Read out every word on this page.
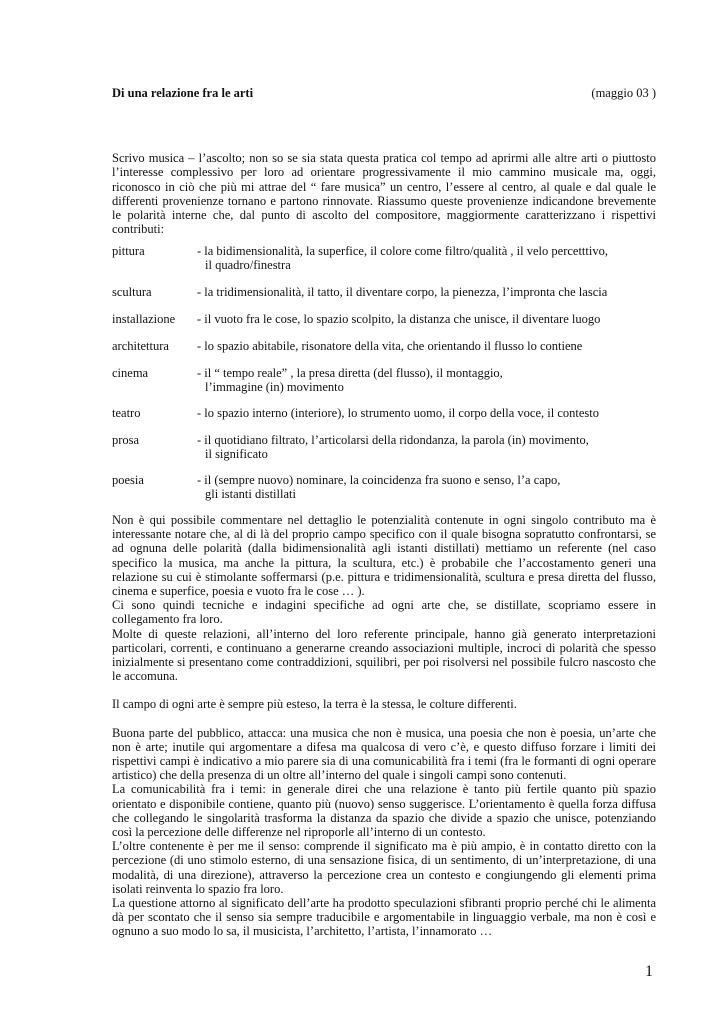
Di una relazione fra le arti	(maggio 03 )

Scrivo musica – l’ascolto; non so se sia stata questa pratica col tempo ad aprirmi alle altre arti o piuttosto l’interesse complessivo per loro ad orientare progressivamente il mio cammino musicale ma, oggi, riconosco in ciò che più mi attrae del “ fare musica” un centro, l’essere al centro, al quale e dal quale le differenti provenienze tornano e partono rinnovate. Riassumo queste provenienze indicandone brevemente le polarità interne che, dal punto di ascolto del compositore, maggiormente caratterizzano i rispettivi contributi:

pittura	- la bidimensionalità, la superfice, il colore come filtro/qualità , il velo percetttivo,
il quadro/finestra
scultura	- la tridimensionalità, il tatto, il diventare corpo, la pienezza, l’impronta che lascia
installazione - il vuoto fra le cose, lo spazio scolpito, la distanza che unisce, il diventare luogo
architettura - lo spazio abitabile, risonatore della vita, che orientando il flusso lo contiene
cinema	- il “ tempo reale” , la presa diretta (del flusso), il montaggio,
l’immagine (in) movimento
teatro	- lo spazio interno (interiore), lo strumento uomo, il corpo della voce, il contesto
prosa	- il quotidiano filtrato, l’articolarsi della ridondanza, la parola (in) movimento,
il significato
poesia	- il (sempre nuovo) nominare, la coincidenza fra suono e senso, l’a capo,
gli istanti distillati

Non è qui possibile commentare nel dettaglio le potenzialità contenute in ogni singolo contributo ma è interessante notare che, al di là del proprio campo specifico con il quale bisogna sopratutto confrontarsi, se ad ognuna delle polarità (dalla bidimensionalità agli istanti distillati) mettiamo un referente (nel caso specifico la musica, ma anche la pittura, la scultura, etc.) è probabile che l’accostamento generi una relazione su cui è stimolante soffermarsi (p.e. pittura e tridimensionalità, scultura e presa diretta del flusso, cinema e superfice, poesia e vuoto fra le cose … ).

Ci sono quindi tecniche e indagini specifiche ad ogni arte che, se distillate, scopriamo essere in collegamento fra loro.

Molte di queste relazioni, all’interno del loro referente principale, hanno già generato interpretazioni particolari, correnti, e continuano a generarne creando associazioni multiple, incroci di polarità che spesso inizialmente si presentano come contraddizioni, squilibri, per poi risolversi nel possibile fulcro nascosto che le accomuna.

Il campo di ogni arte è sempre più esteso, la terra è la stessa, le colture differenti.

Buona parte del pubblico, attacca: una musica che non è musica, una poesia che non è poesia, un’arte che non è arte; inutile qui argomentare a difesa ma qualcosa di vero c’è, e questo diffuso forzare i limiti dei rispettivi campi è indicativo a mio parere sia di una comunicabilità fra i temi (fra le formanti di ogni operare artistico) che della presenza di un oltre all’interno del quale i singoli campi sono contenuti.

La comunicabilità fra i temi: in generale direi che una relazione è tanto più fertile quanto più spazio orientato e disponibile contiene, quanto più (nuovo) senso suggerisce. L’orientamento è quella forza diffusa che collegando le singolarità trasforma la distanza da spazio che divide a spazio che unisce, potenziando così la percezione delle differenze nel riproporle all’interno di un contesto.

L’oltre contenente è per me il senso: comprende il significato ma è più ampio, è in contatto diretto con la percezione (di uno stimolo esterno, di una sensazione fisica, di un sentimento, di un’interpretazione, di una modalità, di una direzione), attraverso la percezione crea un contesto e congiungendo gli elementi prima isolati reinventa lo spazio fra loro.

La questione attorno al significato dell’arte ha prodotto speculazioni sfibranti proprio perché chi le alimenta dà per scontato che il senso sia sempre traducibile e argomentabile in linguaggio verbale, ma non è così e ognuno a suo modo lo sa, il musicista, l’architetto, l’artista, l’innamorato …

1
